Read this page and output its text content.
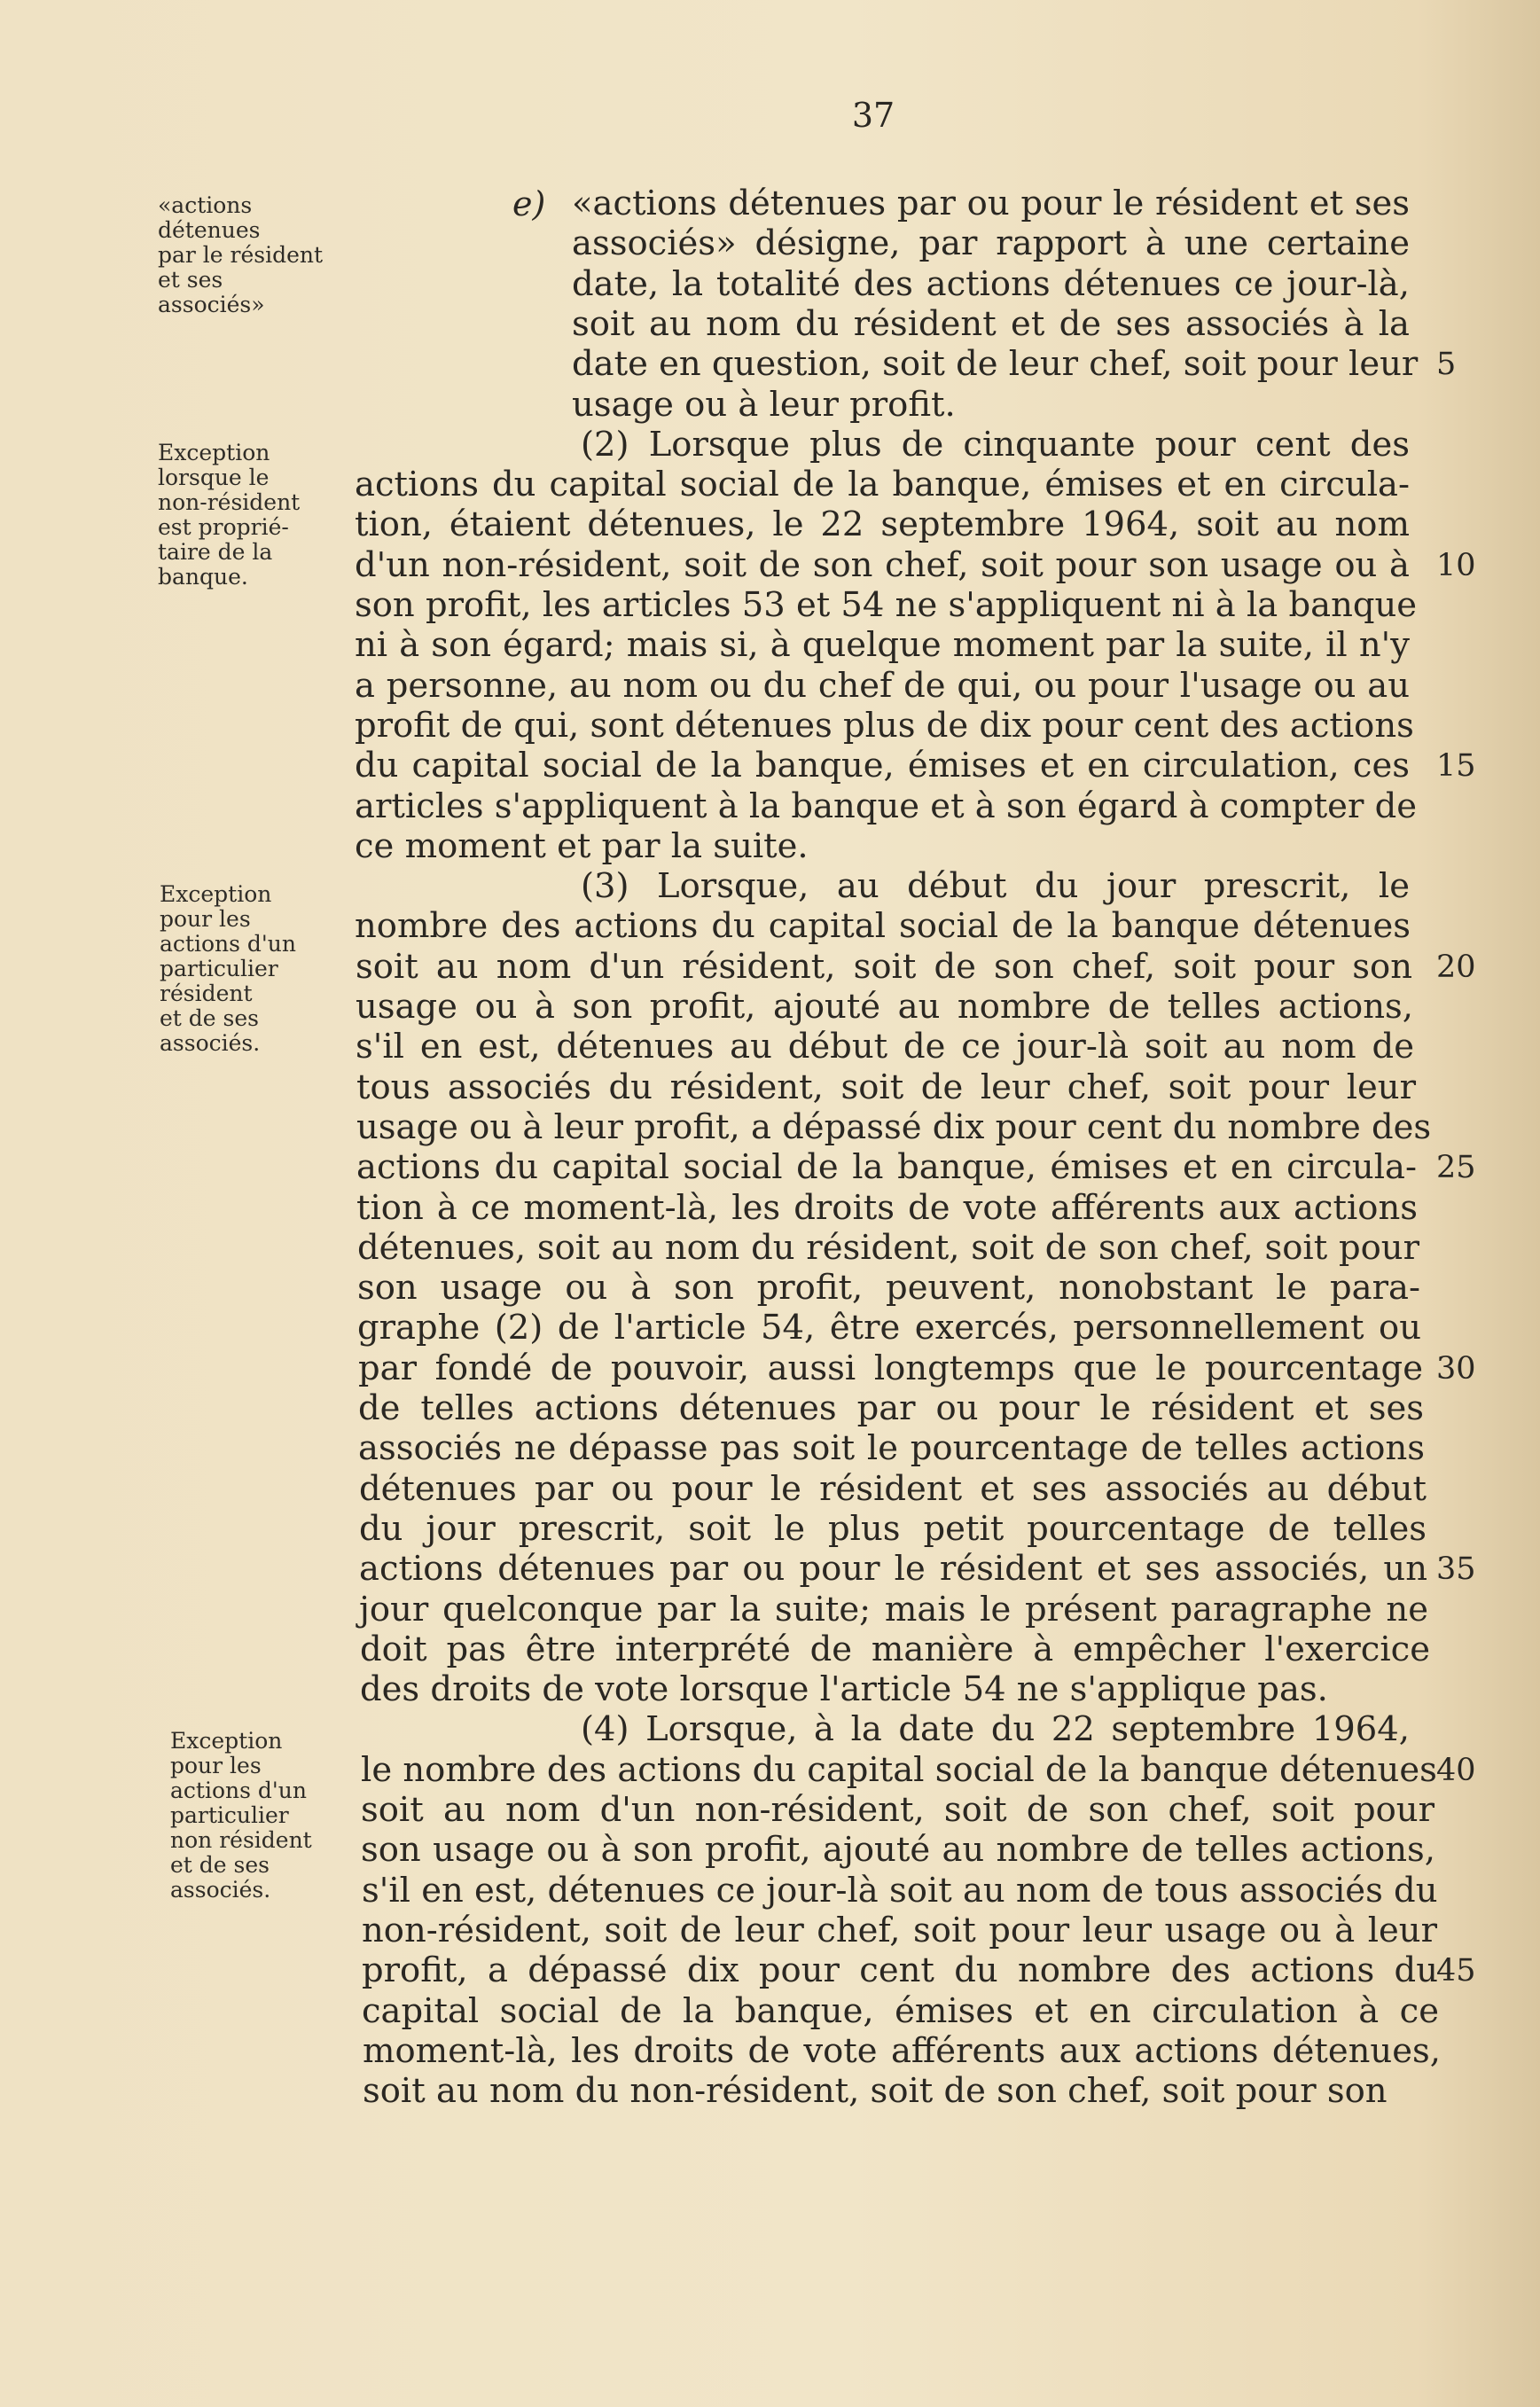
37
e)
«actions
détenues
par le résident
et ses
associés»
Exception
lorsque le
non-résident
est proprié-
taire de la
banque.
Exception
pour les
actions d'un
particulier
résident
et de ses
associés.
Exception
pour les
actions d'un
particulier
non résident
et de ses
associés.
«actions détenues par ou pour le résident et ses
associés» désigne, par rapport à une certaine
date, la totalité des actions détenues ce jour-là,
soit au nom du résident et de ses associés à la
date en question, soit de leur chef, soit pour leur
usage ou à leur profit.
(2) Lorsque plus de cinquante pour cent des
actions du capital social de la banque, émises et en circula-
tion, étaient détenues, le 22 septembre 1964, soit au nom
d'un non-résident, soit de son chef, soit pour son usage ou à
son profit, les articles 53 et 54 ne s'appliquent ni à la banque
ni à son égard; mais si, à quelque moment par la suite, il n'y
a personne, au nom ou du chef de qui, ou pour l'usage ou au
profit de qui, sont détenues plus de dix pour cent des actions
du capital social de la banque, émises et en circulation, ces
articles s'appliquent à la banque et à son égard à compter de
ce moment et par la suite.
(3) Lorsque, au début du jour prescrit, le
nombre des actions du capital social de la banque détenues
soit au nom d'un résident, soit de son chef, soit pour son
usage ou à son profit, ajouté au nombre de telles actions,
s'il en est, détenues au début de ce jour-là soit au nom de
tous associés du résident, soit de leur chef, soit pour leur
usage ou à leur profit, a dépassé dix pour cent du nombre des
actions du capital social de la banque, émises et en circula-
tion à ce moment-là, les droits de vote afférents aux actions
détenues, soit au nom du résident, soit de son chef, soit pour
son usage ou à son profit, peuvent, nonobstant le para-
graphe (2) de l'article 54, être exercés, personnellement ou
par fondé de pouvoir, aussi longtemps que le pourcentage
de telles actions détenues par ou pour le résident et ses
associés ne dépasse pas soit le pourcentage de telles actions
détenues par ou pour le résident et ses associés au début
du jour prescrit, soit le plus petit pourcentage de telles
actions détenues par ou pour le résident et ses associés, un
jour quelconque par la suite; mais le présent paragraphe ne
doit pas être interprété de manière à empêcher l'exercice
des droits de vote lorsque l'article 54 ne s'applique pas.
(4) Lorsque, à la date du 22 septembre 1964,
le nombre des actions du capital social de la banque détenues
soit au nom d'un non-résident, soit de son chef, soit pour
son usage ou à son profit, ajouté au nombre de telles actions,
s'il en est, détenues ce jour-là soit au nom de tous associés du
non-résident, soit de leur chef, soit pour leur usage ou à leur
profit, a dépassé dix pour cent du nombre des actions du
capital social de la banque, émises et en circulation à ce
moment-là, les droits de vote afférents aux actions détenues,
soit au nom du non-résident, soit de son chef, soit pour son
5
10
15
20
25
30
35
40
45
